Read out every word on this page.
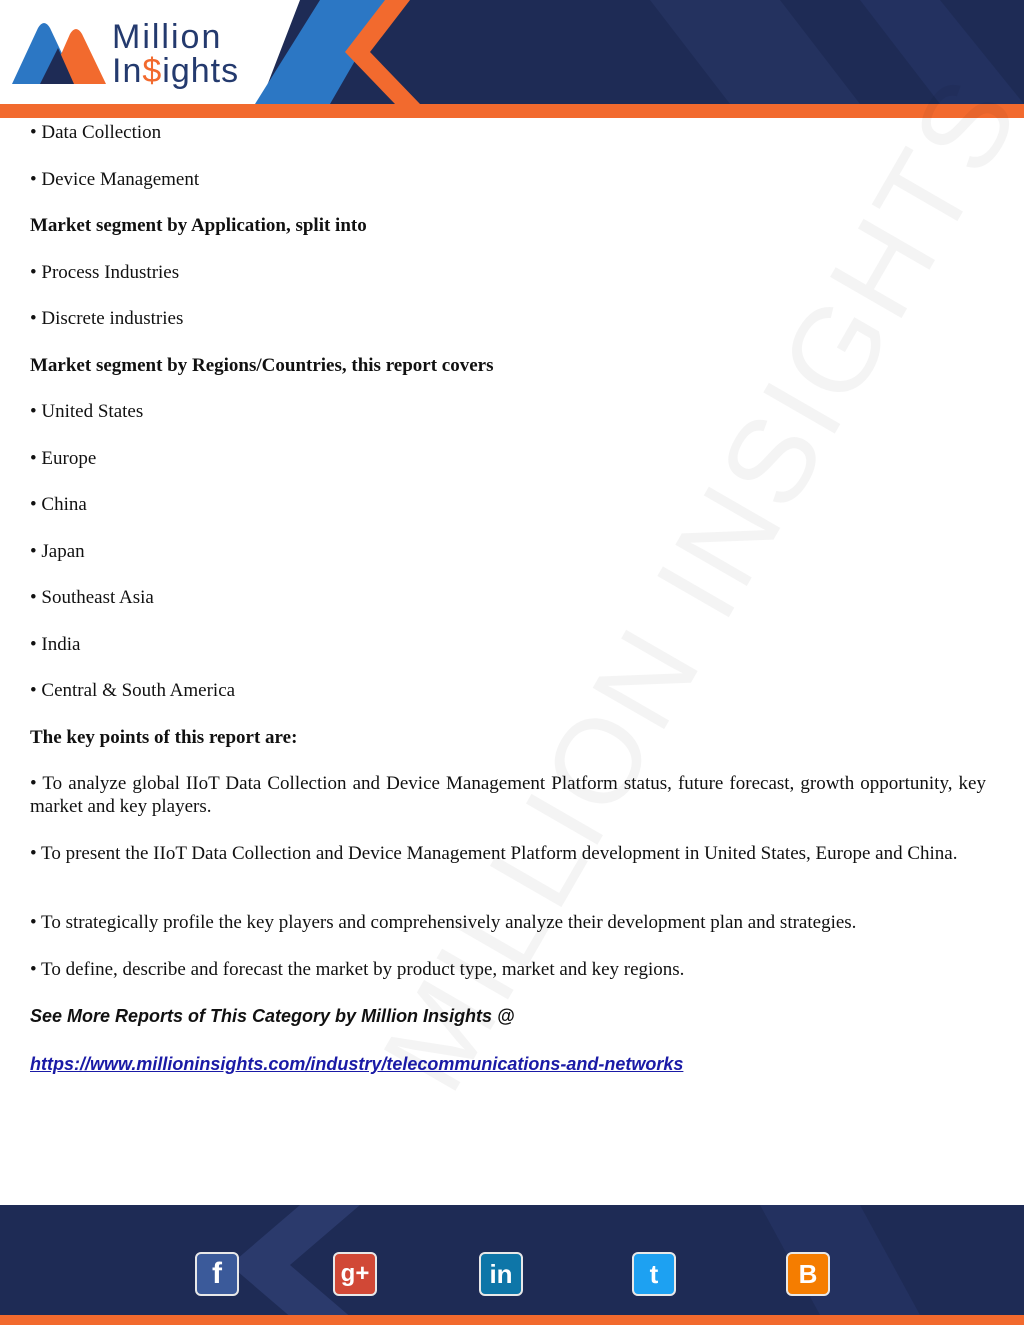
Million
In$ights
• Data Collection
• Device Management
Market segment by Application, split into
• Process Industries
• Discrete industries
Market segment by Regions/Countries, this report covers
• United States
• Europe
• China
• Japan
• Southeast Asia
• India
• Central & South America
The key points of this report are:
• To analyze global IIoT Data Collection and Device Management Platform status, future forecast, growth opportunity, key market and key players.
• To present the IIoT Data Collection and Device Management Platform development in United States, Europe and China.
• To strategically profile the key players and comprehensively analyze their development plan and strategies.
• To define, describe and forecast the market by product type, market and key regions.
See More Reports of This Category by Million Insights @
https://www.millioninsights.com/industry/telecommunications-and-networks
f	g+	in	t	B
